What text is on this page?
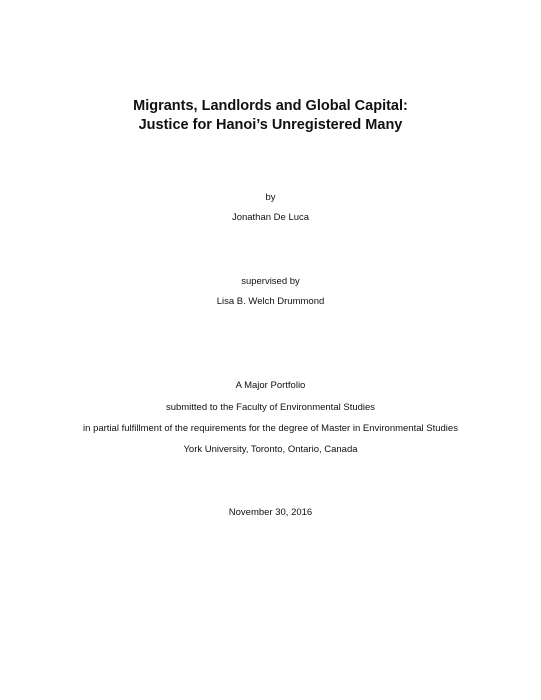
Migrants, Landlords and Global Capital:
Justice for Hanoi’s Unregistered Many
by
Jonathan De Luca
supervised by
Lisa B. Welch Drummond
A Major Portfolio
submitted to the Faculty of Environmental Studies
in partial fulfillment of the requirements for the degree of Master in Environmental Studies
York University, Toronto, Ontario, Canada
November 30, 2016
